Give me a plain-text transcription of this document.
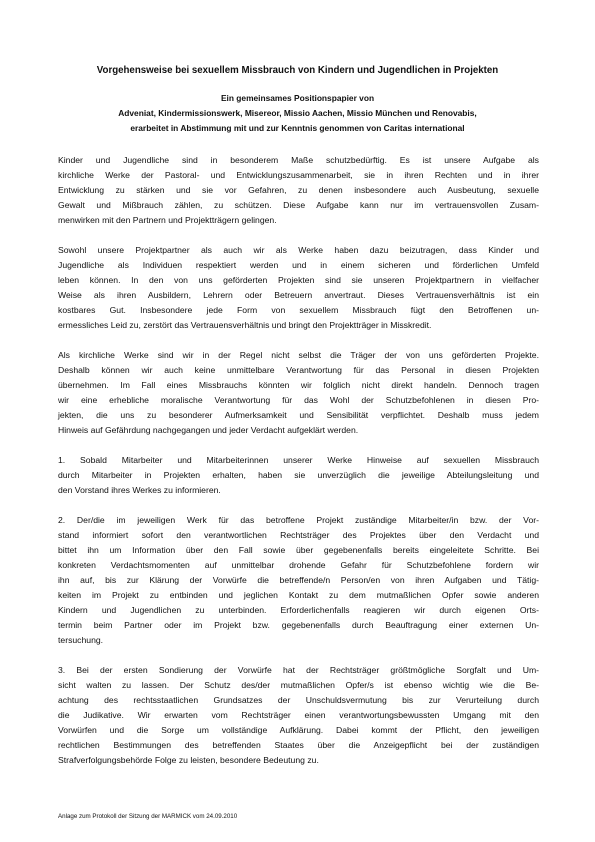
Vorgehensweise bei sexuellem Missbrauch von Kindern und Jugendlichen in Projekten
Ein gemeinsames Positionspapier von
Adveniat, Kindermissionswerk, Misereor, Missio Aachen, Missio München und Renovabis,
erarbeitet in Abstimmung mit und zur Kenntnis genommen von Caritas international

Kinder und Jugendliche sind in besonderem Maße schutzbedürftig. Es ist unsere Aufgabe als
kirchliche Werke der Pastoral- und Entwicklungszusammenarbeit, sie in ihren Rechten und in ihrer
Entwicklung zu stärken und sie vor Gefahren, zu denen insbesondere auch Ausbeutung, sexuelle
Gewalt und Mißbrauch zählen, zu schützen. Diese Aufgabe kann nur im vertrauensvollen Zusam-
menwirken mit den Partnern und Projektträgern gelingen.

Sowohl unsere Projektpartner als auch wir als Werke haben dazu beizutragen, dass Kinder und
Jugendliche als Individuen respektiert werden und in einem sicheren und förderlichen Umfeld
leben können. In den von uns geförderten Projekten sind sie unseren Projektpartnern in vielfacher
Weise als ihren Ausbildern, Lehrern oder Betreuern anvertraut. Dieses Vertrauensverhältnis ist ein
kostbares Gut. Insbesondere jede Form von sexuellem Missbrauch fügt den Betroffenen un-
ermessliches Leid zu, zerstört das Vertrauensverhältnis und bringt den Projektträger in Misskredit.

Als kirchliche Werke sind wir in der Regel nicht selbst die Träger der von uns geförderten Projekte.
Deshalb können wir auch keine unmittelbare Verantwortung für das Personal in diesen Projekten
übernehmen. Im Fall eines Missbrauchs könnten wir folglich nicht direkt handeln. Dennoch tragen
wir eine erhebliche moralische Verantwortung für das Wohl der Schutzbefohlenen in diesen Pro-
jekten, die uns zu besonderer Aufmerksamkeit und Sensibilität verpflichtet. Deshalb muss jedem
Hinweis auf Gefährdung nachgegangen und jeder Verdacht aufgeklärt werden.

1. Sobald Mitarbeiter und Mitarbeiterinnen unserer Werke Hinweise auf sexuellen Missbrauch
durch Mitarbeiter in Projekten erhalten, haben sie unverzüglich die jeweilige Abteilungsleitung und
den Vorstand ihres Werkes zu informieren.

2. Der/die im jeweiligen Werk für das betroffene Projekt zuständige Mitarbeiter/in bzw. der Vor-
stand informiert sofort den verantwortlichen Rechtsträger des Projektes über den Verdacht und
bittet ihn um Information über den Fall sowie über gegebenenfalls bereits eingeleitete Schritte. Bei
konkreten Verdachtsmomenten auf unmittelbar drohende Gefahr für Schutzbefohlene fordern wir
ihn auf, bis zur Klärung der Vorwürfe die betreffende/n Person/en von ihren Aufgaben und Tätig-
keiten im Projekt zu entbinden und jeglichen Kontakt zu dem mutmaßlichen Opfer sowie anderen
Kindern und Jugendlichen zu unterbinden. Erforderlichenfalls reagieren wir durch eigenen Orts-
termin beim Partner oder im Projekt bzw. gegebenenfalls durch Beauftragung einer externen Un-
tersuchung.

3. Bei der ersten Sondierung der Vorwürfe hat der Rechtsträger größtmögliche Sorgfalt und Um-
sicht walten zu lassen. Der Schutz des/der mutmaßlichen Opfer/s ist ebenso wichtig wie die Be-
achtung des rechtsstaatlichen Grundsatzes der Unschuldsvermutung bis zur Verurteilung durch
die Judikative. Wir erwarten vom Rechtsträger einen verantwortungsbewussten Umgang mit den
Vorwürfen und die Sorge um vollständige Aufklärung. Dabei kommt der Pflicht, den jeweiligen
rechtlichen Bestimmungen des betreffenden Staates über die Anzeigepflicht bei der zuständigen
Strafverfolgungsbehörde Folge zu leisten, besondere Bedeutung zu.

Anlage zum Protokoll der Sitzung der MARMICK vom 24.09.2010
